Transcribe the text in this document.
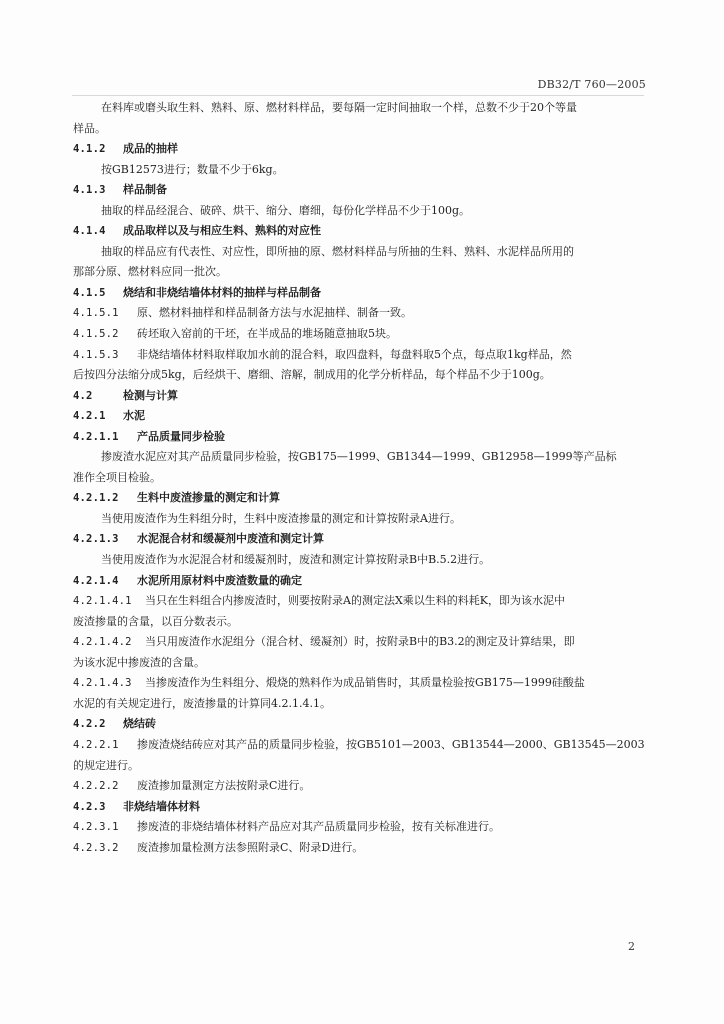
DB32/T 760—2005
在料库或磨头取生料、熟料、原、燃材料样品，要每隔一定时间抽取一个样，总数不少于20个等量
样品。
4.1.2 成品的抽样
按GB12573进行；数量不少于6kg。
4.1.3 样品制备
抽取的样品经混合、破碎、烘干、缩分、磨细，每份化学样品不少于100g。
4.1.4 成品取样以及与相应生料、熟料的对应性
抽取的样品应有代表性、对应性，即所抽的原、燃材料样品与所抽的生料、熟料、水泥样品所用的
那部分原、燃材料应同一批次。
4.1.5 烧结和非烧结墙体材料的抽样与样品制备
4.1.5.1 原、燃材料抽样和样品制备方法与水泥抽样、制备一致。
4.1.5.2 砖坯取入窑前的干坯，在半成品的堆场随意抽取5块。
4.1.5.3 非烧结墙体材料取样取加水前的混合料，取四盘料，每盘料取5个点，每点取1kg样品，然
后按四分法缩分成5kg，后经烘干、磨细、溶解，制成用的化学分析样品，每个样品不少于100g。
4.2	检测与计算
4.2.1 水泥
4.2.1.1 产品质量同步检验
掺废渣水泥应对其产品质量同步检验，按GB175—1999、GB1344—1999、GB12958—1999等产品标
准作全项目检验。
4.2.1.2 生料中废渣掺量的测定和计算
当使用废渣作为生料组分时，生料中废渣掺量的测定和计算按附录A进行。
4.2.1.3 水泥混合材和缓凝剂中废渣和测定计算
当使用废渣作为水泥混合材和缓凝剂时，废渣和测定计算按附录B中B.5.2进行。
4.2.1.4 水泥所用原材料中废渣数量的确定
4.2.1.4.1 当只在生料组合内掺废渣时，则要按附录A的测定法X乘以生料的料耗K，即为该水泥中
废渣掺量的含量，以百分数表示。
4.2.1.4.2 当只用废渣作水泥组分（混合材、缓凝剂）时，按附录B中的B3.2的测定及计算结果，即
为该水泥中掺废渣的含量。
4.2.1.4.3 当掺废渣作为生料组分、煅烧的熟料作为成品销售时，其质量检验按GB175—1999硅酸盐
水泥的有关规定进行，废渣掺量的计算同4.2.1.4.1。
4.2.2 烧结砖
4.2.2.1 掺废渣烧结砖应对其产品的质量同步检验，按GB5101—2003、GB13544—2000、GB13545—2003
的规定进行。
4.2.2.2 废渣掺加量测定方法按附录C进行。
4.2.3 非烧结墙体材料
4.2.3.1 掺废渣的非烧结墙体材料产品应对其产品质量同步检验，按有关标准进行。
4.2.3.2 废渣掺加量检测方法参照附录C、附录D进行。
2
